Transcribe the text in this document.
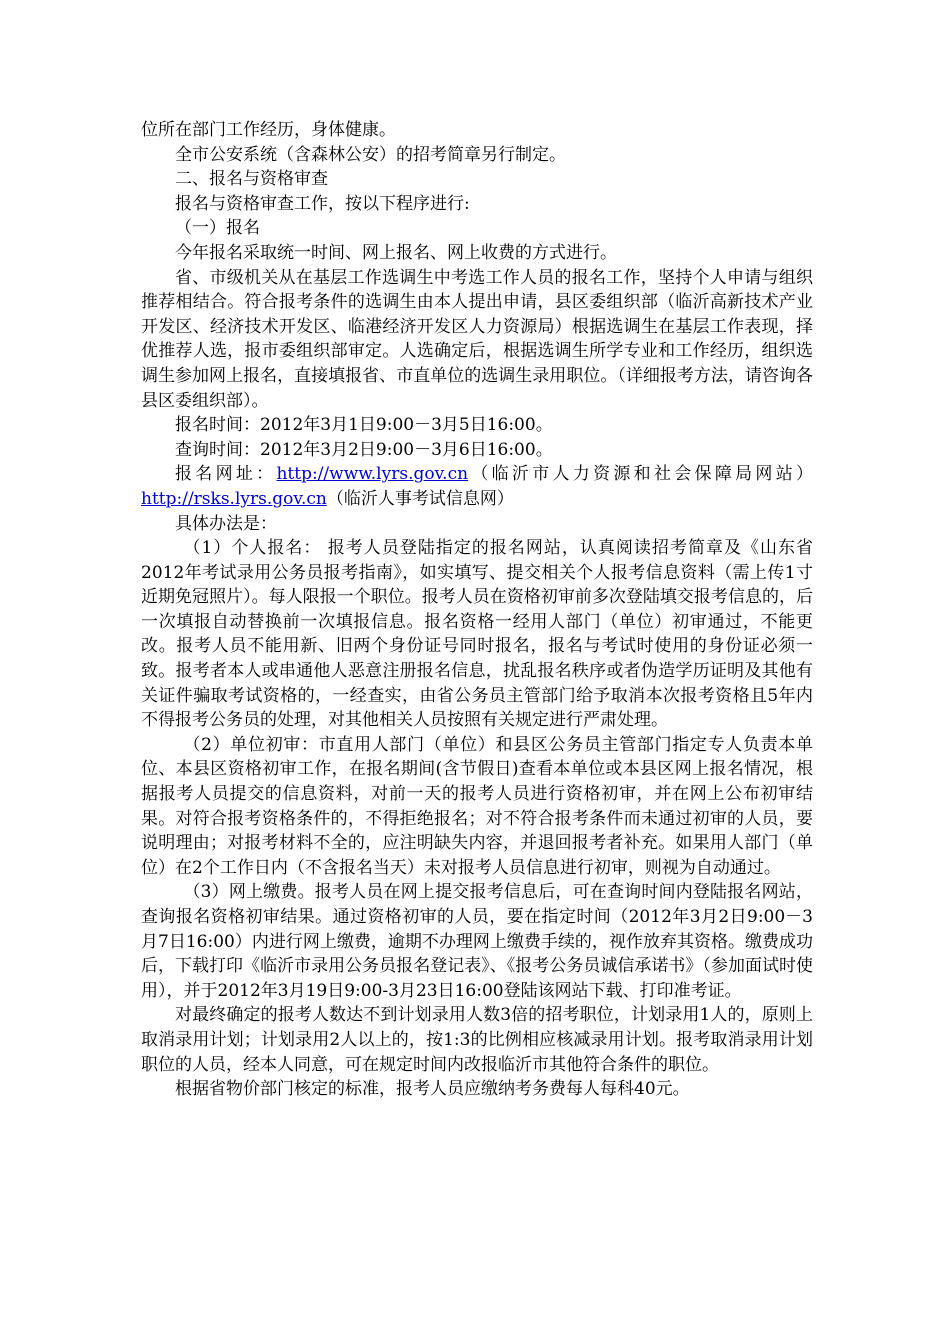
位所在部门工作经历，身体健康。

全市公安系统（含森林公安）的招考简章另行制定。

二、报名与资格审查

报名与资格审查工作，按以下程序进行:

（一）报名

今年报名采取统一时间、网上报名、网上收费的方式进行。

省、市级机关从在基层工作选调生中考选工作人员的报名工作，坚持个人申请与组织推荐相结合。符合报考条件的选调生由本人提出申请，县区委组织部（临沂高新技术产业开发区、经济技术开发区、临港经济开发区人力资源局）根据选调生在基层工作表现，择优推荐人选，报市委组织部审定。人选确定后，根据选调生所学专业和工作经历，组织选调生参加网上报名，直接填报省、市直单位的选调生录用职位。（详细报考方法，请咨询各县区委组织部）。

报名时间：2012年3月1日9:00－3月5日16:00。

查询时间：2012年3月2日9:00－3月6日16:00。

报名网址：http://www.lyrs.gov.cn（临沂市人力资源和社会保障局网站）http://rsks.lyrs.gov.cn（临沂人事考试信息网）

具体办法是：

（1）个人报名： 报考人员登陆指定的报名网站，认真阅读招考简章及《山东省2012年考试录用公务员报考指南》，如实填写、提交相关个人报考信息资料（需上传1寸近期免冠照片）。每人限报一个职位。报考人员在资格初审前多次登陆填交报考信息的，后一次填报自动替换前一次填报信息。报名资格一经用人部门（单位）初审通过，不能更改。报考人员不能用新、旧两个身份证号同时报名，报名与考试时使用的身份证必须一致。报考者本人或串通他人恶意注册报名信息，扰乱报名秩序或者伪造学历证明及其他有关证件骗取考试资格的，一经查实，由省公务员主管部门给予取消本次报考资格且5年内不得报考公务员的处理，对其他相关人员按照有关规定进行严肃处理。

（2）单位初审：市直用人部门（单位）和县区公务员主管部门指定专人负责本单位、本县区资格初审工作，在报名期间(含节假日)查看本单位或本县区网上报名情况，根据报考人员提交的信息资料，对前一天的报考人员进行资格初审，并在网上公布初审结果。对符合报考资格条件的，不得拒绝报名；对不符合报考条件而未通过初审的人员，要说明理由；对报考材料不全的，应注明缺失内容，并退回报考者补充。如果用人部门（单位）在2个工作日内（不含报名当天）未对报考人员信息进行初审，则视为自动通过。

（3）网上缴费。报考人员在网上提交报考信息后，可在查询时间内登陆报名网站，查询报名资格初审结果。通过资格初审的人员，要在指定时间（2012年3月2日9:00－3月7日16:00）内进行网上缴费，逾期不办理网上缴费手续的，视作放弃其资格。缴费成功后，下载打印《临沂市录用公务员报名登记表》、《报考公务员诚信承诺书》（参加面试时使用），并于2012年3月19日9:00-3月23日16:00登陆该网站下载、打印准考证。

对最终确定的报考人数达不到计划录用人数3倍的招考职位，计划录用1人的，原则上取消录用计划；计划录用2人以上的，按1:3的比例相应核减录用计划。报考取消录用计划职位的人员，经本人同意，可在规定时间内改报临沂市其他符合条件的职位。

根据省物价部门核定的标准，报考人员应缴纳考务费每人每科40元。
